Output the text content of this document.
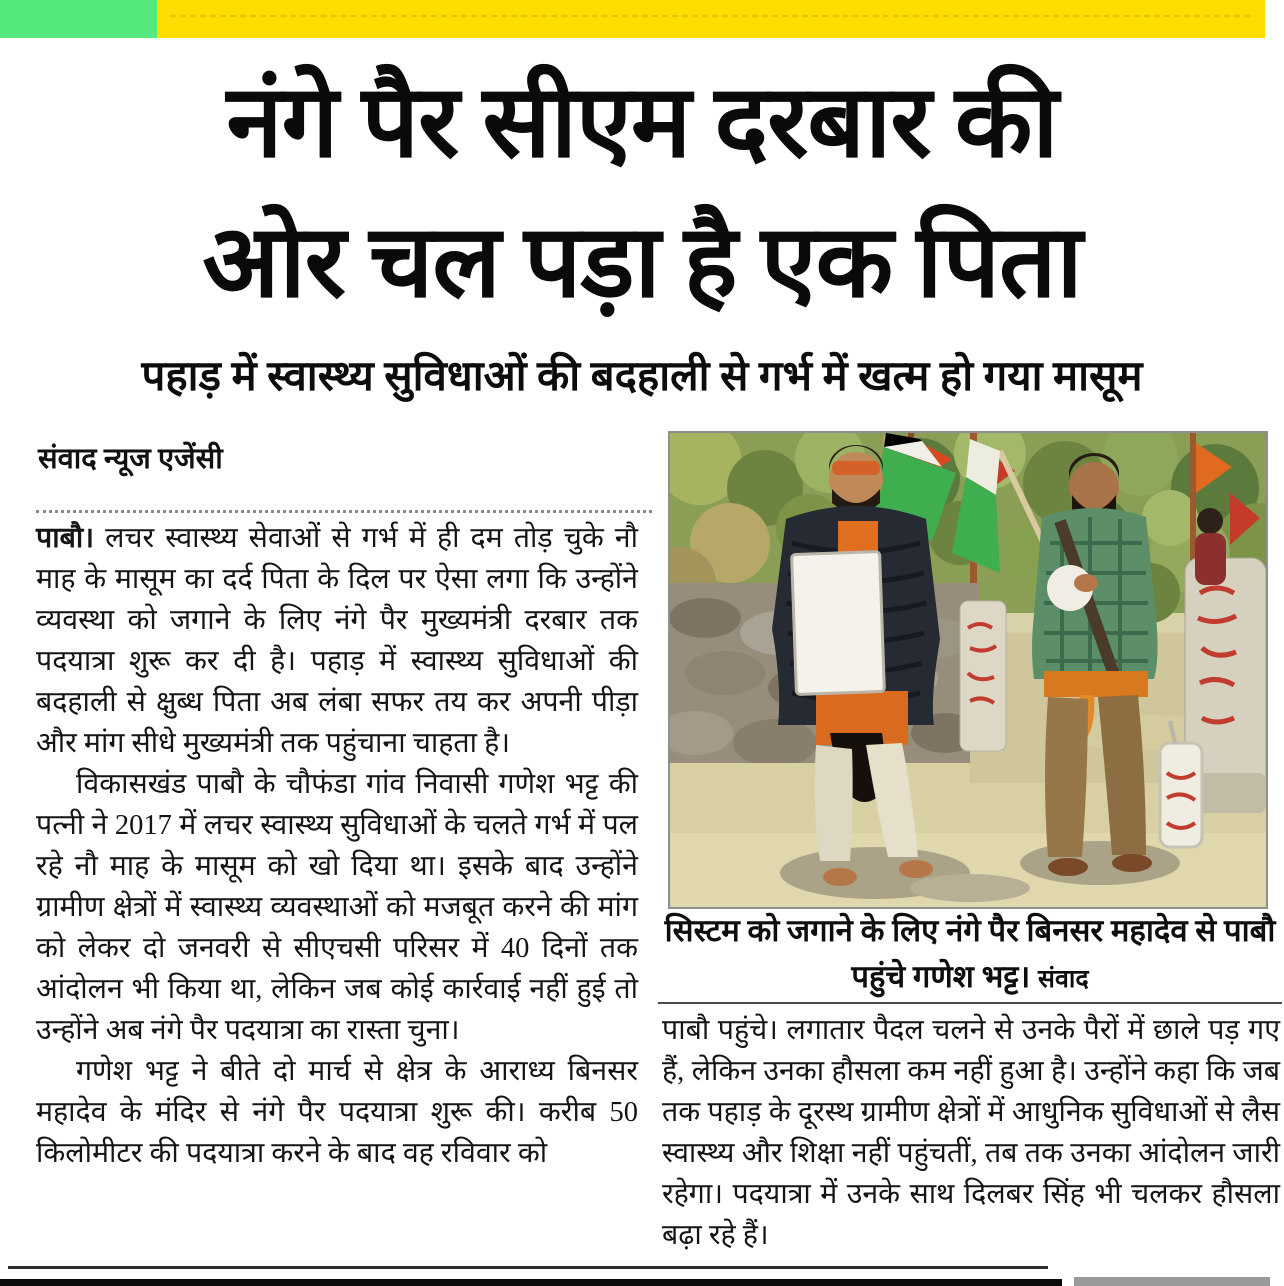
नंगे पैर सीएम दरबार की
ओर चल पड़ा है एक पिता
पहाड़ में स्वास्थ्य सुविधाओं की बदहाली से गर्भ में खत्म हो गया मासूम
संवाद न्यूज एजेंसी

पाबौ। लचर स्वास्थ्य सेवाओं से गर्भ में ही दम तोड़ चुके नौ माह के मासूम का दर्द पिता के दिल पर ऐसा लगा कि उन्होंने व्यवस्था को जगाने के लिए नंगे पैर मुख्यमंत्री दरबार तक पदयात्रा शुरू कर दी है। पहाड़ में स्वास्थ्य सुविधाओं की बदहाली से क्षुब्ध पिता अब लंबा सफर तय कर अपनी पीड़ा और मांग सीधे मुख्यमंत्री तक पहुंचाना चाहता है।

विकासखंड पाबौ के चौफंडा गांव निवासी गणेश भट्ट की पत्नी ने 2017 में लचर स्वास्थ्य सुविधाओं के चलते गर्भ में पल रहे नौ माह के मासूम को खो दिया था। इसके बाद उन्होंने ग्रामीण क्षेत्रों में स्वास्थ्य व्यवस्थाओं को मजबूत करने की मांग को लेकर दो जनवरी से सीएचसी परिसर में 40 दिनों तक आंदोलन भी किया था, लेकिन जब कोई कार्रवाई नहीं हुई तो उन्होंने अब नंगे पैर पदयात्रा का रास्ता चुना।

गणेश भट्ट ने बीते दो मार्च से क्षेत्र के आराध्य बिनसर महादेव के मंदिर से नंगे पैर पदयात्रा शुरू की। करीब 50 किलोमीटर की पदयात्रा करने के बाद वह रविवार को

सिस्टम को जगाने के लिए नंगे पैर बिनसर महादेव से पाबौ पहुंचे गणेश भट्ट। संवाद

पाबौ पहुंचे। लगातार पैदल चलने से उनके पैरों में छाले पड़ गए हैं, लेकिन उनका हौसला कम नहीं हुआ है। उन्होंने कहा कि जब तक पहाड़ के दूरस्थ ग्रामीण क्षेत्रों में आधुनिक सुविधाओं से लैस स्वास्थ्य और शिक्षा नहीं पहुंचतीं, तब तक उनका आंदोलन जारी रहेगा। पदयात्रा में उनके साथ दिलबर सिंह भी चलकर हौसला बढ़ा रहे हैं।
